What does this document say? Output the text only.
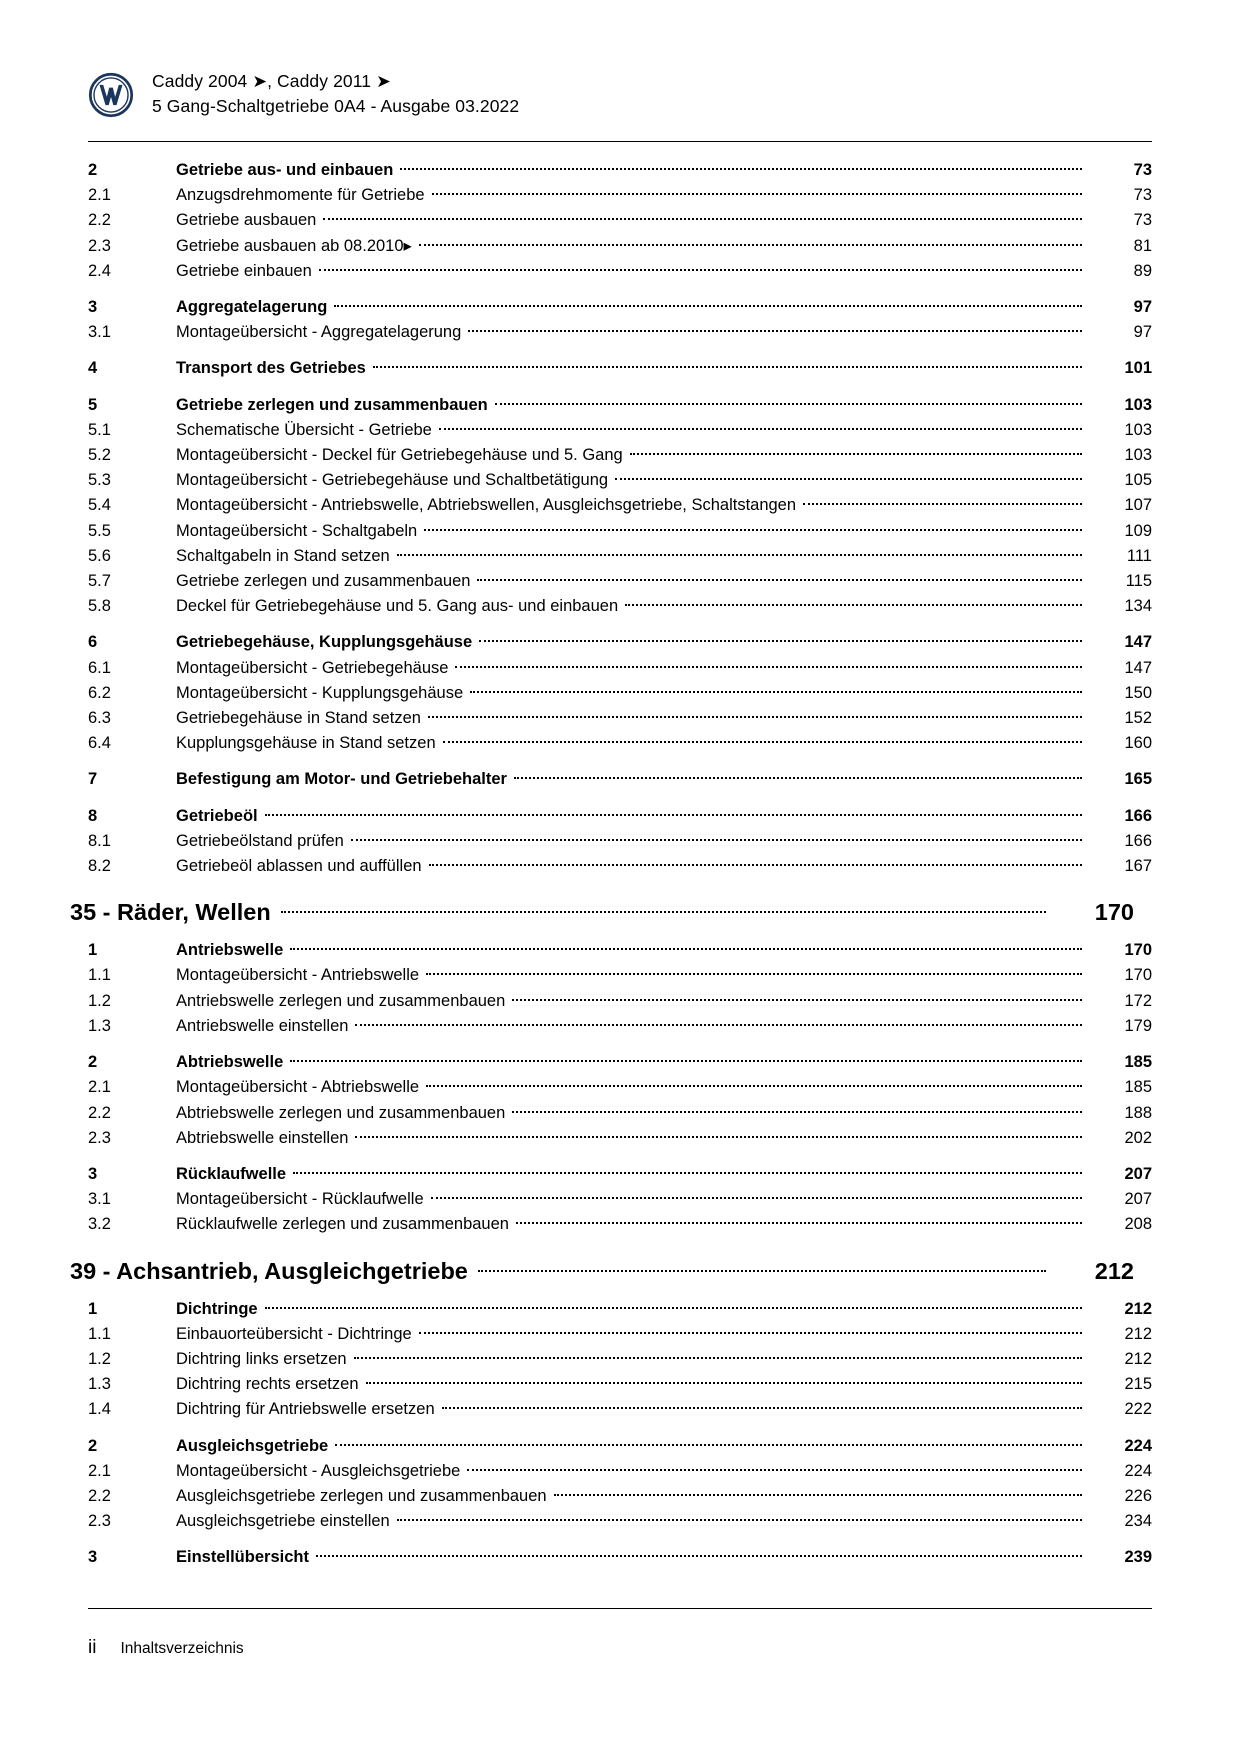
Caddy 2004 ➤, Caddy 2011 ➤
5 Gang-Schaltgetriebe 0A4 - Ausgabe 03.2022
2	Getriebe aus- und einbauen	73
2.1	Anzugsdrehmomente für Getriebe	73
2.2	Getriebe ausbauen	73
2.3	Getriebe ausbauen ab 08.2010▸	81
2.4	Getriebe einbauen	89
3	Aggregatelagerung	97
3.1	Montageübersicht - Aggregatelagerung	97
4	Transport des Getriebes	101
5	Getriebe zerlegen und zusammenbauen	103
5.1	Schematische Übersicht - Getriebe	103
5.2	Montageübersicht - Deckel für Getriebegehäuse und 5. Gang	103
5.3	Montageübersicht - Getriebegehäuse und Schaltbetätigung	105
5.4	Montageübersicht - Antriebswelle, Abtriebswellen, Ausgleichsgetriebe, Schaltstangen	107
5.5	Montageübersicht - Schaltgabeln	109
5.6	Schaltgabeln in Stand setzen	111
5.7	Getriebe zerlegen und zusammenbauen	115
5.8	Deckel für Getriebegehäuse und 5. Gang aus- und einbauen	134
6	Getriebegehäuse, Kupplungsgehäuse	147
6.1	Montageübersicht - Getriebegehäuse	147
6.2	Montageübersicht - Kupplungsgehäuse	150
6.3	Getriebegehäuse in Stand setzen	152
6.4	Kupplungsgehäuse in Stand setzen	160
7	Befestigung am Motor- und Getriebehalter	165
8	Getriebeöl	166
8.1	Getriebeölstand prüfen	166
8.2	Getriebeöl ablassen und auffüllen	167
35 - Räder, Wellen	170
1	Antriebswelle	170
1.1	Montageübersicht - Antriebswelle	170
1.2	Antriebswelle zerlegen und zusammenbauen	172
1.3	Antriebswelle einstellen	179
2	Abtriebswelle	185
2.1	Montageübersicht - Abtriebswelle	185
2.2	Abtriebswelle zerlegen und zusammenbauen	188
2.3	Abtriebswelle einstellen	202
3	Rücklaufwelle	207
3.1	Montageübersicht - Rücklaufwelle	207
3.2	Rücklaufwelle zerlegen und zusammenbauen	208
39 - Achsantrieb, Ausgleichgetriebe	212
1	Dichtringe	212
1.1	Einbauorteübersicht - Dichtringe	212
1.2	Dichtring links ersetzen	212
1.3	Dichtring rechts ersetzen	215
1.4	Dichtring für Antriebswelle ersetzen	222
2	Ausgleichsgetriebe	224
2.1	Montageübersicht - Ausgleichsgetriebe	224
2.2	Ausgleichsgetriebe zerlegen und zusammenbauen	226
2.3	Ausgleichsgetriebe einstellen	234
3	Einstellübersicht	239
ii Inhaltsverzeichnis
